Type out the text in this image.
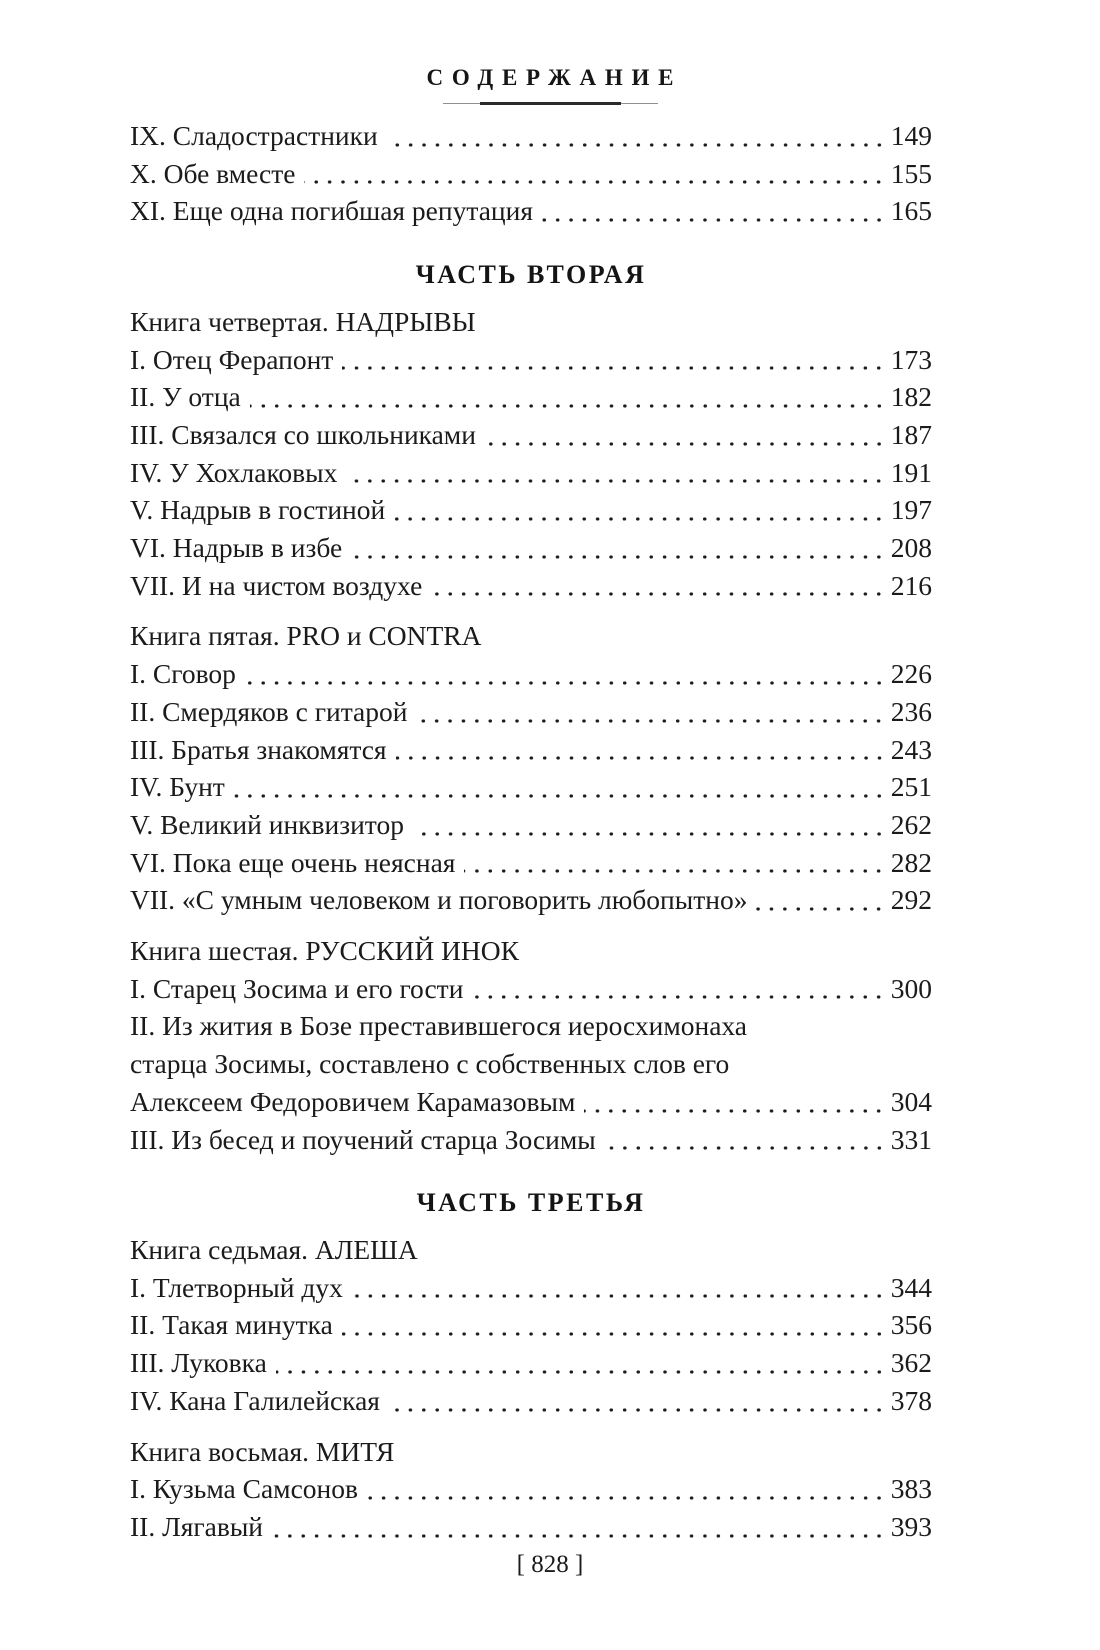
СОДЕРЖАНИЕ
IX. Сладострастники	149
X. Обе вместе	155
XI. Еще одна погибшая репутация	165
ЧАСТЬ ВТОРАЯ
Книга четвертая. НАДРЫВЫ
I. Отец Ферапонт	173
II. У отца	182
III. Связался со школьниками	187
IV. У Хохлаковых	191
V. Надрыв в гостиной	197
VI. Надрыв в избе	208
VII. И на чистом воздухе	216
Книга пятая. PRO и CONTRA
I. Сговор	226
II. Смердяков с гитарой	236
III. Братья знакомятся	243
IV. Бунт	251
V. Великий инквизитор	262
VI. Пока еще очень неясная	282
VII. «С умным человеком и поговорить любопытно»	292
Книга шестая. РУССКИЙ ИНОК
I. Старец Зосима и его гости	300
II. Из жития в Бозе преставившегося иеросхимонаха
старца Зосимы, составлено с собственных слов его
Алексеем Федоровичем Карамазовым	304
III. Из бесед и поучений старца Зосимы	331
ЧАСТЬ ТРЕТЬЯ
Книга седьмая. АЛЕША
I. Тлетворный дух	344
II. Такая минутка	356
III. Луковка	362
IV. Кана Галилейская	378
Книга восьмая. МИТЯ
I. Кузьма Самсонов	383
II. Лягавый	393
[ 828 ]
